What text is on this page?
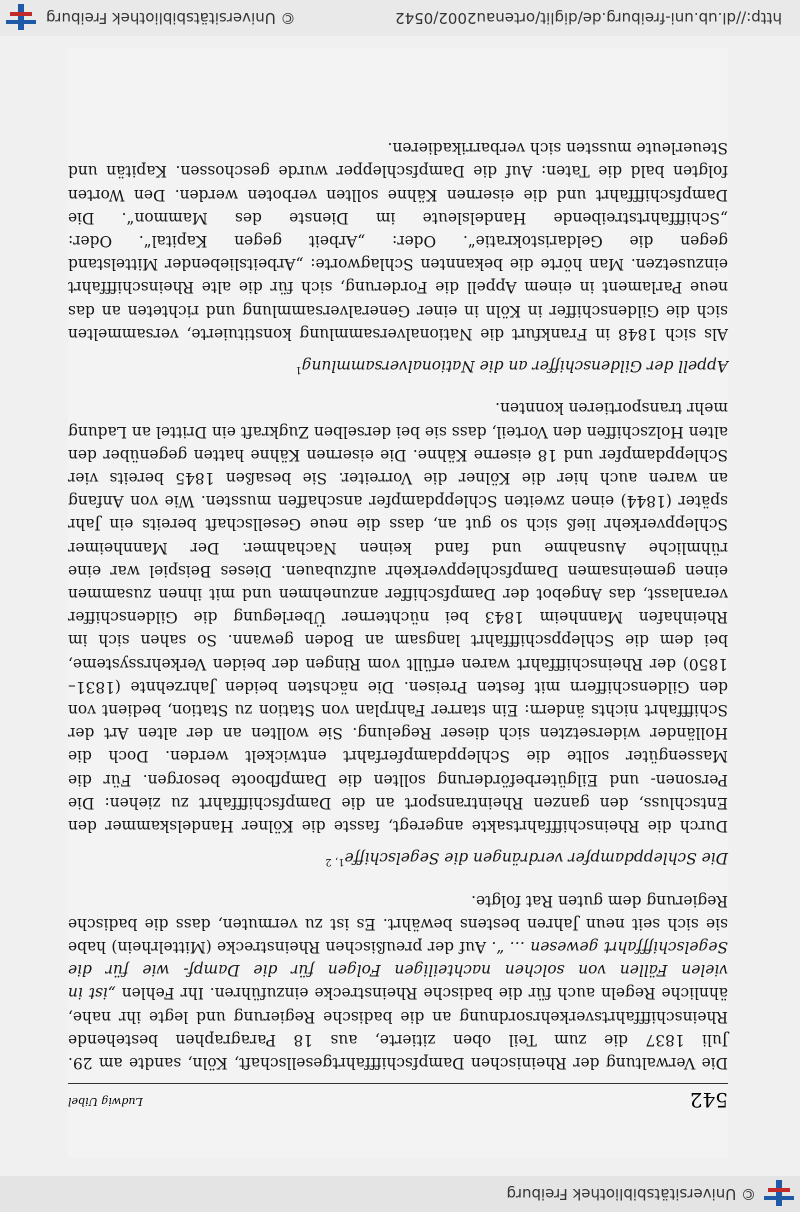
© Universitätsbibliothek Freiburg
542
Ludwig Uibel

Die Verwaltung der Rheinischen Dampfschifffahrtgesellschaft, Köln, sandte am 29. Juli 1837 die zum Teil oben zitierte, aus 18 Paragraphen bestehende Rheinschifffahrtsverkehrsordnung an die badische Regierung und legte ihr nahe, ähnliche Regeln auch für die badische Rheinstrecke einzuführen. Ihr Fehlen „ist in vielen Fällen von solchen nachteiligen Folgen für die Dampf- wie für die Segelschifffahrt gewesen … “. Auf der preußischen Rheinstrecke (Mittelrhein) habe sie sich seit neun Jahren bestens bewährt. Es ist zu vermuten, dass die badische Regierung dem guten Rat folgte.

Die Schleppdampfer verdrängen die Segelschiffe$^{1, 2}$

Durch die Rheinschifffahrtsakte angeregt, fasste die Kölner Handelskammer den Entschluss, den ganzen Rheintransport an die Dampfschifffahrt zu ziehen: Die Personen- und Eilgüterbeförderung sollten die Dampfboote besorgen. Für die Massengüter sollte die Schleppdampferfahrt entwickelt werden. Doch die Holländer widersetzten sich dieser Regelung. Sie wollten an der alten Art der Schifffahrt nichts ändern: Ein starrer Fahrplan von Station zu Station, bedient von den Gildenschiffern mit festen Preisen. Die nächsten beiden Jahrzehnte (1831–1850) der Rheinschifffahrt waren erfüllt vom Ringen der beiden Verkehrssysteme, bei dem die Schleppschifffahrt langsam an Boden gewann. So sahen sich im Rheinhafen Mannheim 1843 bei nüchterner Überlegung die Gildenschiffer veranlasst, das Angebot der Dampfschiffer anzunehmen und mit ihnen zusammen einen gemeinsamen Dampfschleppverkehr aufzubauen. Dieses Beispiel war eine rühmliche Ausnahme und fand keinen Nachahmer. Der Mannheimer Schleppverkehr ließ sich so gut an, dass die neue Gesellschaft bereits ein Jahr später (1844) einen zweiten Schleppdampfer anschaffen mussten. Wie von Anfang an waren auch hier die Kölner die Vorreiter. Sie besaßen 1845 bereits vier Schleppdampfer und 18 eiserne Kähne. Die eisernen Kähne hatten gegenüber den alten Holzschiffen den Vorteil, dass sie bei derselben Zugkraft ein Drittel an Ladung mehr transportieren konnten.

Appell der Gildenschiffer an die Nationalversammlung$^1$

Als sich 1848 in Frankfurt die Nationalversammlung konstituierte, versammelten sich die Gildenschiffer in Köln in einer Generalversammlung und richteten an das neue Parlament in einem Appell die Forderung, sich für die alte Rheinschifffahrt einzusetzen. Man hörte die bekannten Schlagworte: „Arbeitsliebender Mittelstand gegen die Geldaristokratie“. Oder: „Arbeit gegen Kapital“. Oder: „Schifffahrtstreibende Handelsleute im Dienste des Mammon“. Die Dampfschifffahrt und die eisernen Kähne sollten verboten werden. Den Worten folgten bald die Taten: Auf die Dampfschlepper wurde geschossen. Kapitän und Steuerleute mussten sich verbarrikadieren.

http://dl.ub.uni-freiburg.de/diglit/ortenau2002/0542
© Universitätsbibliothek Freiburg
